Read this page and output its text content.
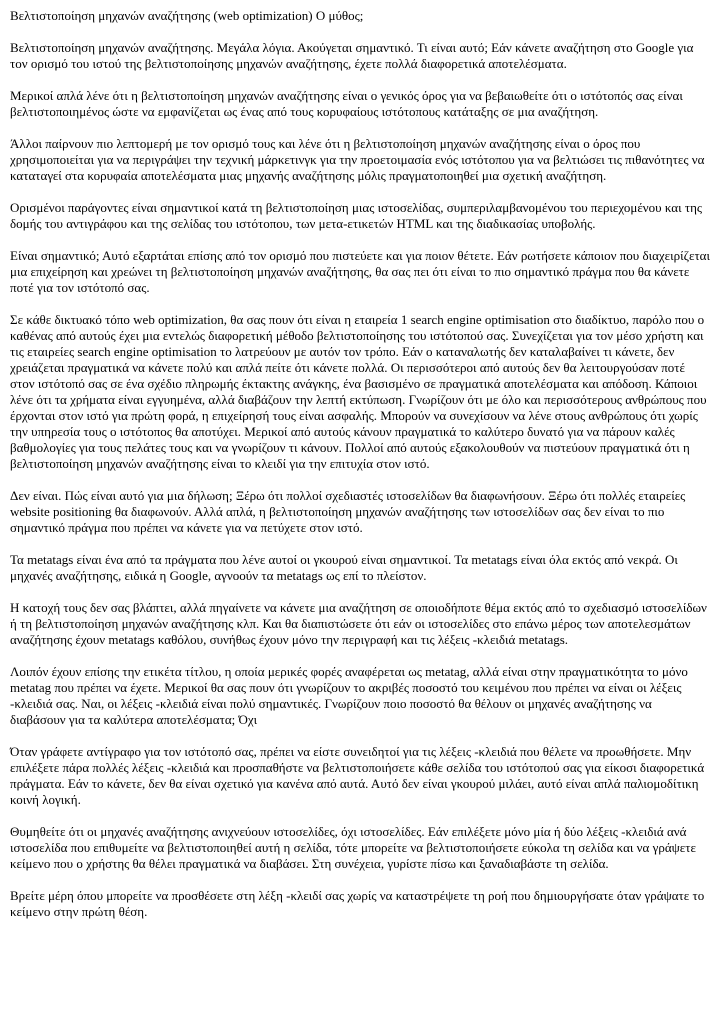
Βελτιστοποίηση μηχανών αναζήτησης (web optimization) Ο μύθος;

Βελτιστοποίηση μηχανών αναζήτησης. Μεγάλα λόγια. Ακούγεται σημαντικό. Τι είναι αυτό; Εάν κάνετε αναζήτηση στο Google για τον ορισμό του ιστού της βελτιστοποίησης μηχανών αναζήτησης, έχετε πολλά διαφορετικά αποτελέσματα.

Μερικοί απλά λένε ότι η βελτιστοποίηση μηχανών αναζήτησης είναι ο γενικός όρος για να βεβαιωθείτε ότι ο ιστότοπός σας είναι βελτιστοποιημένος ώστε να εμφανίζεται ως ένας από τους κορυφαίους ιστότοπους κατάταξης σε μια αναζήτηση.

Άλλοι παίρνουν πιο λεπτομερή με τον ορισμό τους και λένε ότι η βελτιστοποίηση μηχανών αναζήτησης είναι ο όρος που χρησιμοποιείται για να περιγράψει την τεχνική μάρκετινγκ για την προετοιμασία ενός ιστότοπου για να βελτιώσει τις πιθανότητες να καταταγεί στα κορυφαία αποτελέσματα μιας μηχανής αναζήτησης μόλις πραγματοποιηθεί μια σχετική αναζήτηση.

Ορισμένοι παράγοντες είναι σημαντικοί κατά τη βελτιστοποίηση μιας ιστοσελίδας, συμπεριλαμβανομένου του περιεχομένου και της δομής του αντιγράφου και της σελίδας του ιστότοπου, των μετα-ετικετών HTML και της διαδικασίας υποβολής.

Είναι σημαντικό; Αυτό εξαρτάται επίσης από τον ορισμό που πιστεύετε και για ποιον θέτετε. Εάν ρωτήσετε κάποιον που διαχειρίζεται μια επιχείρηση και χρεώνει τη βελτιστοποίηση μηχανών αναζήτησης, θα σας πει ότι είναι το πιο σημαντικό πράγμα που θα κάνετε ποτέ για τον ιστότοπό σας.

Σε κάθε δικτυακό τόπο web optimization, θα σας πουν ότι είναι η εταιρεία 1 search engine optimisation στο διαδίκτυο, παρόλο που ο καθένας από αυτούς έχει μια εντελώς διαφορετική μέθοδο βελτιστοποίησης του ιστότοπού σας. Συνεχίζεται για τον μέσο χρήστη και τις εταιρείες search engine optimisation το λατρεύουν με αυτόν τον τρόπο. Εάν ο καταναλωτής δεν καταλαβαίνει τι κάνετε, δεν χρειάζεται πραγματικά να κάνετε πολύ και απλά πείτε ότι κάνετε πολλά. Οι περισσότεροι από αυτούς δεν θα λειτουργούσαν ποτέ στον ιστότοπό σας σε ένα σχέδιο πληρωμής έκτακτης ανάγκης, ένα βασισμένο σε πραγματικά αποτελέσματα και απόδοση. Κάποιοι λένε ότι τα χρήματα είναι εγγυημένα, αλλά διαβάζουν την λεπτή εκτύπωση. Γνωρίζουν ότι με όλο και περισσότερους ανθρώπους που έρχονται στον ιστό για πρώτη φορά, η επιχείρησή τους είναι ασφαλής. Μπορούν να συνεχίσουν να λένε στους ανθρώπους ότι χωρίς την υπηρεσία τους ο ιστότοπος θα αποτύχει. Μερικοί από αυτούς κάνουν πραγματικά το καλύτερο δυνατό για να πάρουν καλές βαθμολογίες για τους πελάτες τους και να γνωρίζουν τι κάνουν. Πολλοί από αυτούς εξακολουθούν να πιστεύουν πραγματικά ότι η βελτιστοποίηση μηχανών αναζήτησης είναι το κλειδί για την επιτυχία στον ιστό.

Δεν είναι. Πώς είναι αυτό για μια δήλωση; Ξέρω ότι πολλοί σχεδιαστές ιστοσελίδων θα διαφωνήσουν. Ξέρω ότι πολλές εταιρείες website positioning θα διαφωνούν. Αλλά απλά, η βελτιστοποίηση μηχανών αναζήτησης των ιστοσελίδων σας δεν είναι το πιο σημαντικό πράγμα που πρέπει να κάνετε για να πετύχετε στον ιστό.

Τα metatags είναι ένα από τα πράγματα που λένε αυτοί οι γκουρού είναι σημαντικοί. Τα metatags είναι όλα εκτός από νεκρά. Οι μηχανές αναζήτησης, ειδικά η Google, αγνοούν τα metatags ως επί το πλείστον.

Η κατοχή τους δεν σας βλάπτει, αλλά πηγαίνετε να κάνετε μια αναζήτηση σε οποιοδήποτε θέμα εκτός από το σχεδιασμό ιστοσελίδων ή τη βελτιστοποίηση μηχανών αναζήτησης κλπ. Και θα διαπιστώσετε ότι εάν οι ιστοσελίδες στο επάνω μέρος των αποτελεσμάτων αναζήτησης έχουν metatags καθόλου, συνήθως έχουν μόνο την περιγραφή και τις λέξεις -κλειδιά metatags.

Λοιπόν έχουν επίσης την ετικέτα τίτλου, η οποία μερικές φορές αναφέρεται ως metatag, αλλά είναι στην πραγματικότητα το μόνο metatag που πρέπει να έχετε. Μερικοί θα σας πουν ότι γνωρίζουν το ακριβές ποσοστό του κειμένου που πρέπει να είναι οι λέξεις -κλειδιά σας. Ναι, οι λέξεις -κλειδιά είναι πολύ σημαντικές. Γνωρίζουν ποιο ποσοστό θα θέλουν οι μηχανές αναζήτησης να διαβάσουν για τα καλύτερα αποτελέσματα; Όχι

Όταν γράφετε αντίγραφο για τον ιστότοπό σας, πρέπει να είστε συνειδητοί για τις λέξεις -κλειδιά που θέλετε να προωθήσετε. Μην επιλέξετε πάρα πολλές λέξεις -κλειδιά και προσπαθήστε να βελτιστοποιήσετε κάθε σελίδα του ιστότοπού σας για είκοσι διαφορετικά πράγματα. Εάν το κάνετε, δεν θα είναι σχετικό για κανένα από αυτά. Αυτό δεν είναι γκουρού μιλάει, αυτό είναι απλά παλιομοδίτικη κοινή λογική.

Θυμηθείτε ότι οι μηχανές αναζήτησης ανιχνεύουν ιστοσελίδες, όχι ιστοσελίδες. Εάν επιλέξετε μόνο μία ή δύο λέξεις -κλειδιά ανά ιστοσελίδα που επιθυμείτε να βελτιστοποιηθεί αυτή η σελίδα, τότε μπορείτε να βελτιστοποιήσετε εύκολα τη σελίδα και να γράψετε κείμενο που ο χρήστης θα θέλει πραγματικά να διαβάσει. Στη συνέχεια, γυρίστε πίσω και ξαναδιαβάστε τη σελίδα.

Βρείτε μέρη όπου μπορείτε να προσθέσετε στη λέξη -κλειδί σας χωρίς να καταστρέψετε τη ροή που δημιουργήσατε όταν γράψατε το κείμενο στην πρώτη θέση.
